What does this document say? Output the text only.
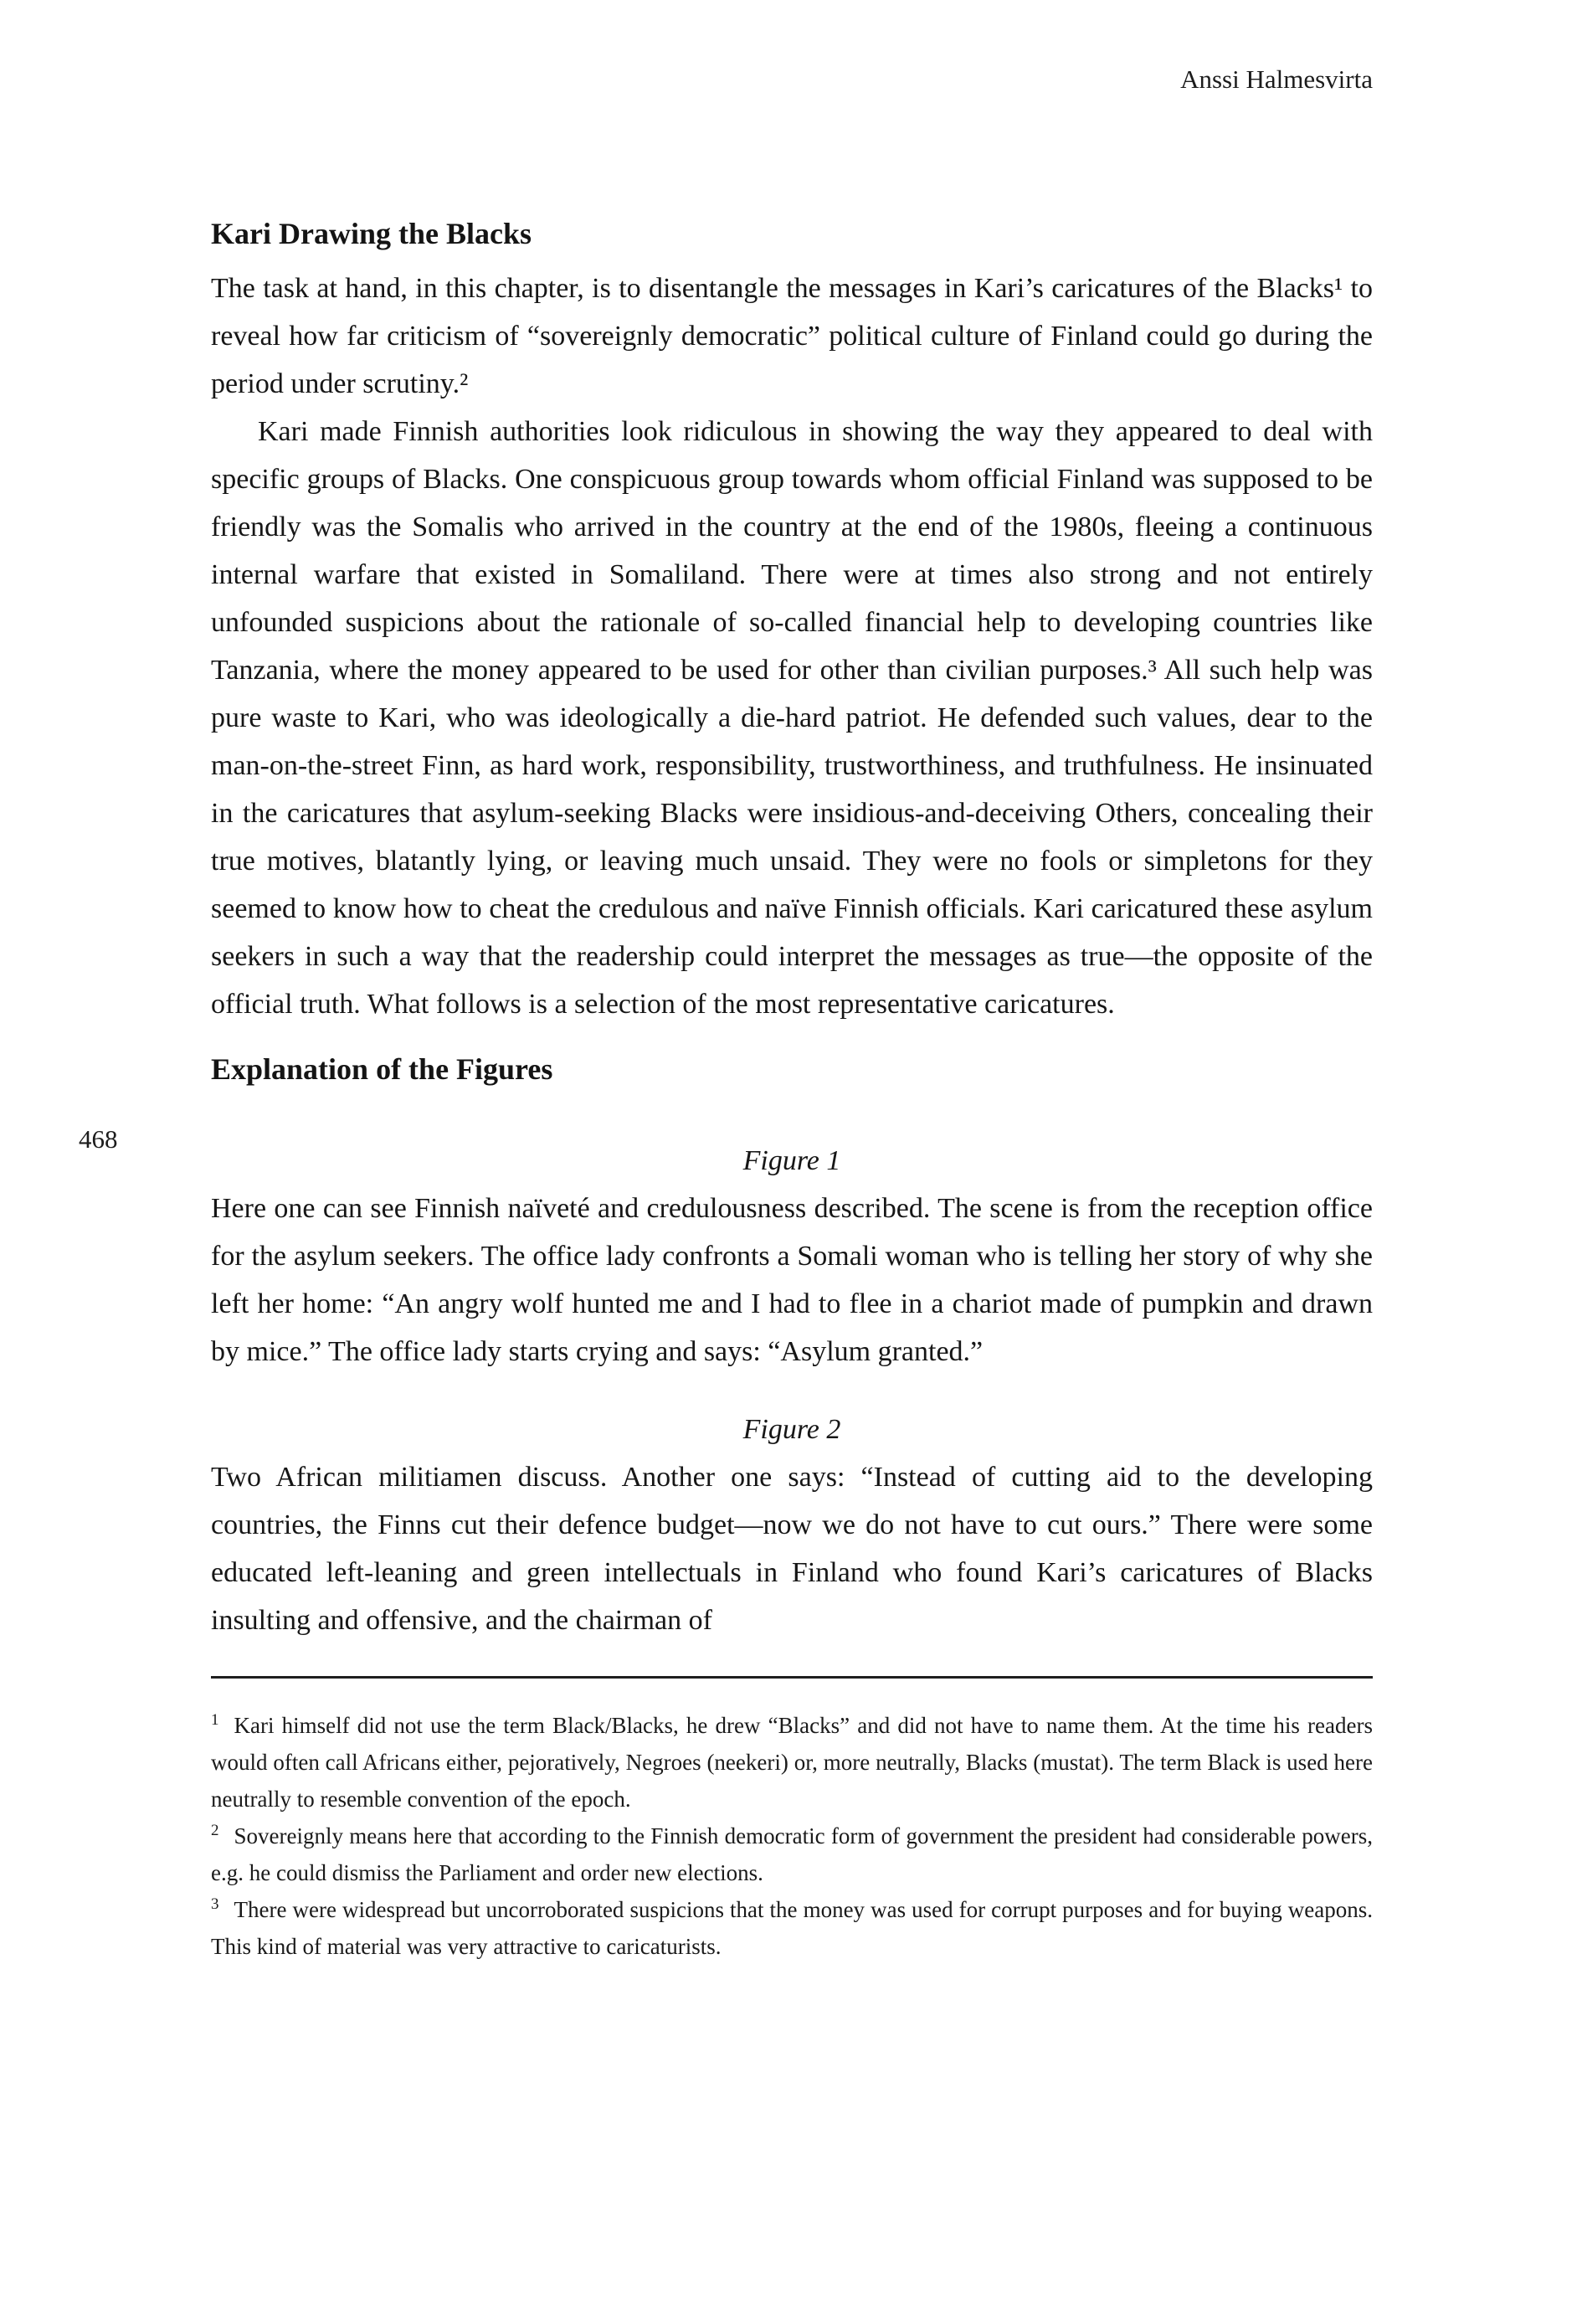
Anssi Halmesvirta
468
Kari Drawing the Blacks

The task at hand, in this chapter, is to disentangle the messages in Kari’s caricatures of the Blacks¹ to reveal how far criticism of “sovereignly democratic” political culture of Finland could go during the period under scrutiny.²

Kari made Finnish authorities look ridiculous in showing the way they appeared to deal with specific groups of Blacks. One conspicuous group towards whom official Finland was supposed to be friendly was the Somalis who arrived in the country at the end of the 1980s, fleeing a continuous internal warfare that existed in Somaliland. There were at times also strong and not entirely unfounded suspicions about the rationale of so-called financial help to developing countries like Tanzania, where the money appeared to be used for other than civilian purposes.³ All such help was pure waste to Kari, who was ideologically a die-hard patriot. He defended such values, dear to the man-on-the-street Finn, as hard work, responsibility, trustworthiness, and truthfulness. He insinuated in the caricatures that asylum-seeking Blacks were insidious-and-deceiving Others, concealing their true motives, blatantly lying, or leaving much unsaid. They were no fools or simpletons for they seemed to know how to cheat the credulous and naïve Finnish officials. Kari caricatured these asylum seekers in such a way that the readership could interpret the messages as true—the opposite of the official truth. What follows is a selection of the most representative caricatures.

Explanation of the Figures
Figure 1

Here one can see Finnish naïveté and credulousness described. The scene is from the reception office for the asylum seekers. The office lady confronts a Somali woman who is telling her story of why she left her home: “An angry wolf hunted me and I had to flee in a chariot made of pumpkin and drawn by mice.” The office lady starts crying and says: “Asylum granted.”

Figure 2

Two African militiamen discuss. Another one says: “Instead of cutting aid to the developing countries, the Finns cut their defence budget—now we do not have to cut ours.” There were some educated left-leaning and green intellectuals in Finland who found Kari’s caricatures of Blacks insulting and offensive, and the chairman of

$^1$ Kari himself did not use the term Black/Blacks, he drew “Blacks” and did not have to name them. At the time his readers would often call Africans either, pejoratively, Negroes (neekeri) or, more neutrally, Blacks (mustat). The term Black is used here neutrally to resemble convention of the epoch.
$^2$ Sovereignly means here that according to the Finnish democratic form of government the president had considerable powers, e.g. he could dismiss the Parliament and order new elections.
$^3$ There were widespread but uncorroborated suspicions that the money was used for corrupt purposes and for buying weapons. This kind of material was very attractive to caricaturists.
